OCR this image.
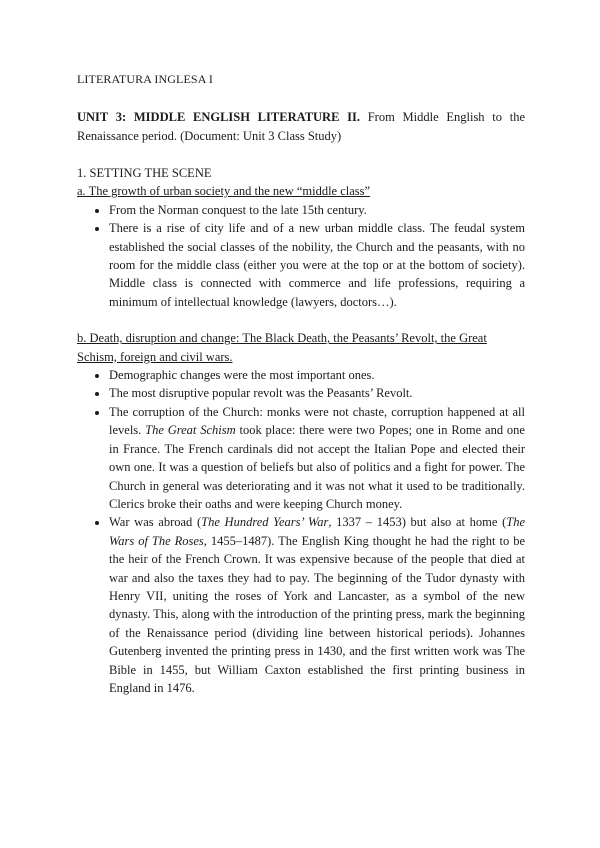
LITERATURA INGLESA I
UNIT 3: MIDDLE ENGLISH LITERATURE II. From Middle English to the Renaissance period. (Document: Unit 3 Class Study)
1. SETTING THE SCENE
a. The growth of urban society and the new “middle class”
• From the Norman conquest to the late 15th century.
• There is a rise of city life and of a new urban middle class. The feudal system established the social classes of the nobility, the Church and the peasants, with no room for the middle class (either you were at the top or at the bottom of society). Middle class is connected with commerce and life professions, requiring a minimum of intellectual knowledge (lawyers, doctors…).
b. Death, disruption and change: The Black Death, the Peasants’ Revolt, the Great Schism, foreign and civil wars.
• Demographic changes were the most important ones.
• The most disruptive popular revolt was the Peasants’ Revolt.
• The corruption of the Church: monks were not chaste, corruption happened at all levels. The Great Schism took place: there were two Popes; one in Rome and one in France. The French cardinals did not accept the Italian Pope and elected their own one. It was a question of beliefs but also of politics and a fight for power. The Church in general was deteriorating and it was not what it used to be traditionally. Clerics broke their oaths and were keeping Church money.
• War was abroad (The Hundred Years’ War, 1337 – 1453) but also at home (The Wars of The Roses, 1455–1487). The English King thought he had the right to be the heir of the French Crown. It was expensive because of the people that died at war and also the taxes they had to pay. The beginning of the Tudor dynasty with Henry VII, uniting the roses of York and Lancaster, as a symbol of the new dynasty. This, along with the introduction of the printing press, mark the beginning of the Renaissance period (dividing line between historical periods). Johannes Gutenberg invented the printing press in 1430, and the first written work was The Bible in 1455, but William Caxton established the first printing business in England in 1476.
